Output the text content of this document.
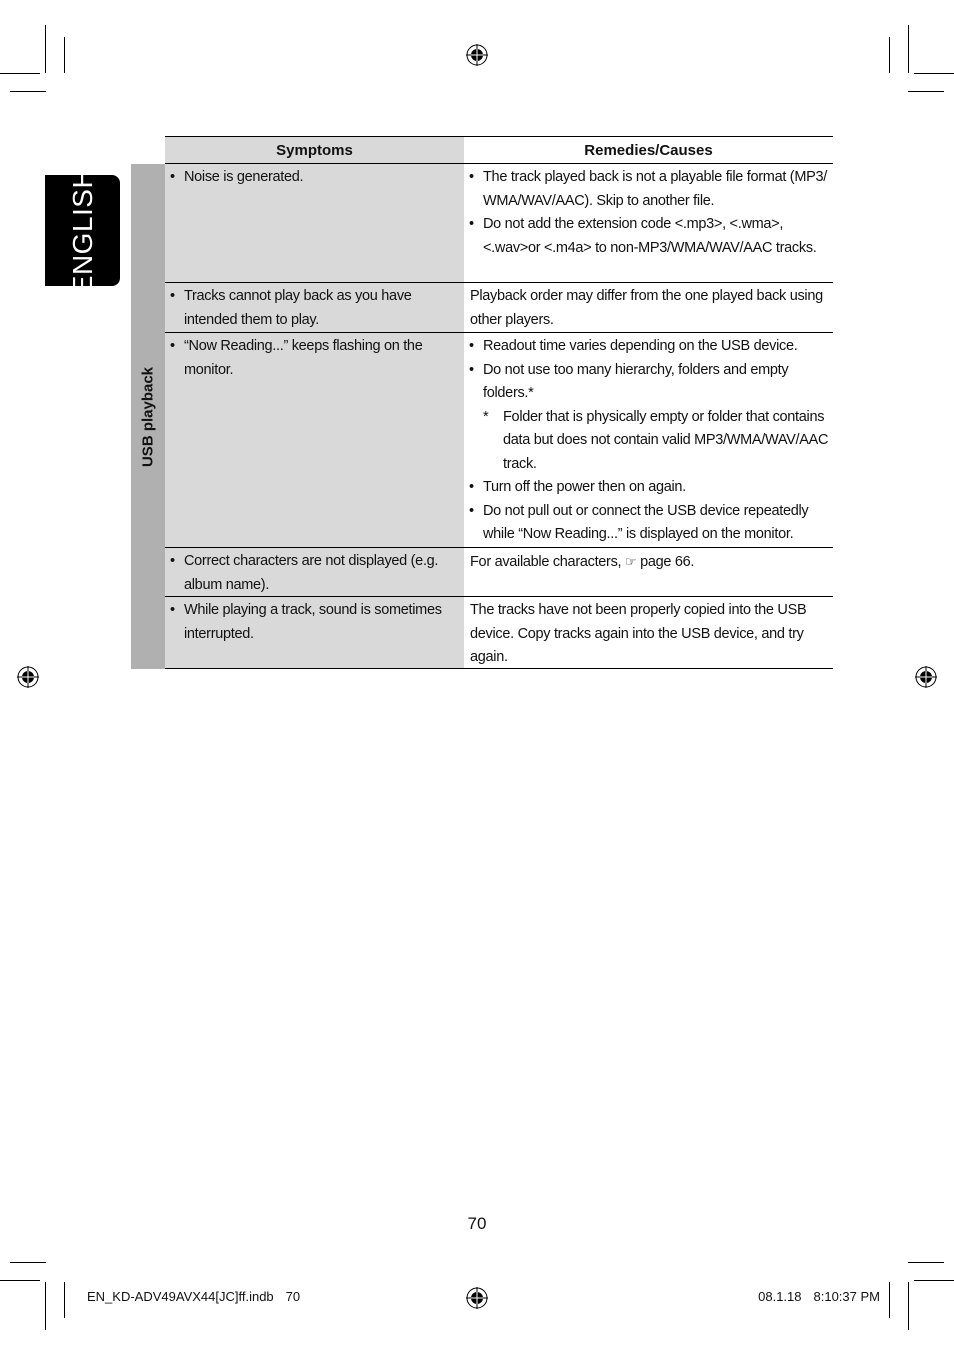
ENGLISH
Symptoms	Remedies/Causes
USB playback
• Noise is generated.
•	The track played back is not a playable file format (MP3/ WMA/WAV/AAC). Skip to another file.
• Do not add the extension code <.mp3>, <.wma>, <.wav>or <.m4a> to non-MP3/WMA/WAV/AAC tracks.
• Tracks cannot play back as you have intended them to play.
Playback order may differ from the one played back using other players.
• “Now Reading...” keeps flashing on the monitor.
• Readout time varies depending on the USB device.
• Do not use too many hierarchy, folders and empty folders.*
* Folder that is physically empty or folder that contains data but does not contain valid MP3/WMA/WAV/AAC track.
• Turn off the power then on again.
• Do not pull out or connect the USB device repeatedly while “Now Reading...” is displayed on the monitor.
• Correct characters are not displayed (e.g. album name).
For available characters, ☞ page 66.
• While playing a track, sound is sometimes interrupted.
The tracks have not been properly copied into the USB device. Copy tracks again into the USB device, and try again.
70
EN_KD-ADV49AVX44[JC]ff.indb 70	08.1.18 8:10:37 PM
